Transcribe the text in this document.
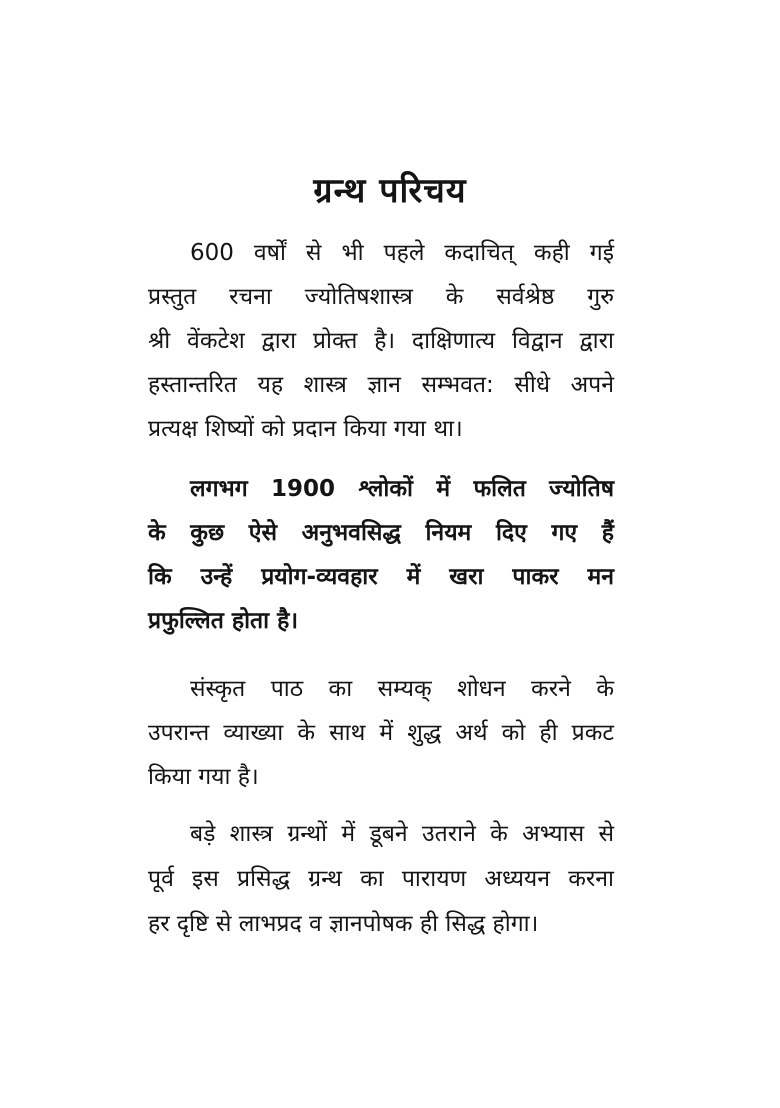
ग्रन्थ परिचय
600 वर्षों से भी पहले कदाचित् कही गई
प्रस्तुत रचना ज्योतिषशास्त्र के सर्वश्रेष्ठ गुरु
श्री वेंकटेश द्वारा प्रोक्त है। दाक्षिणात्य विद्वान द्वारा
हस्तान्तरित यह शास्त्र ज्ञान सम्भवत: सीधे अपने
प्रत्यक्ष शिष्यों को प्रदान किया गया था।
लगभग 1900 श्लोकों में फलित ज्योतिष
के कुछ ऐसे अनुभवसिद्ध नियम दिए गए हैं
कि उन्हें प्रयोग-व्यवहार में खरा पाकर मन
प्रफुल्लित होता है।
संस्कृत पाठ का सम्यक् शोधन करने के
उपरान्त व्याख्या के साथ में शुद्ध अर्थ को ही प्रकट
किया गया है।
बड़े शास्त्र ग्रन्थों में डूबने उतराने के अभ्यास से
पूर्व इस प्रसिद्ध ग्रन्थ का पारायण अध्ययन करना
हर दृष्टि से लाभप्रद व ज्ञानपोषक ही सिद्ध होगा।
